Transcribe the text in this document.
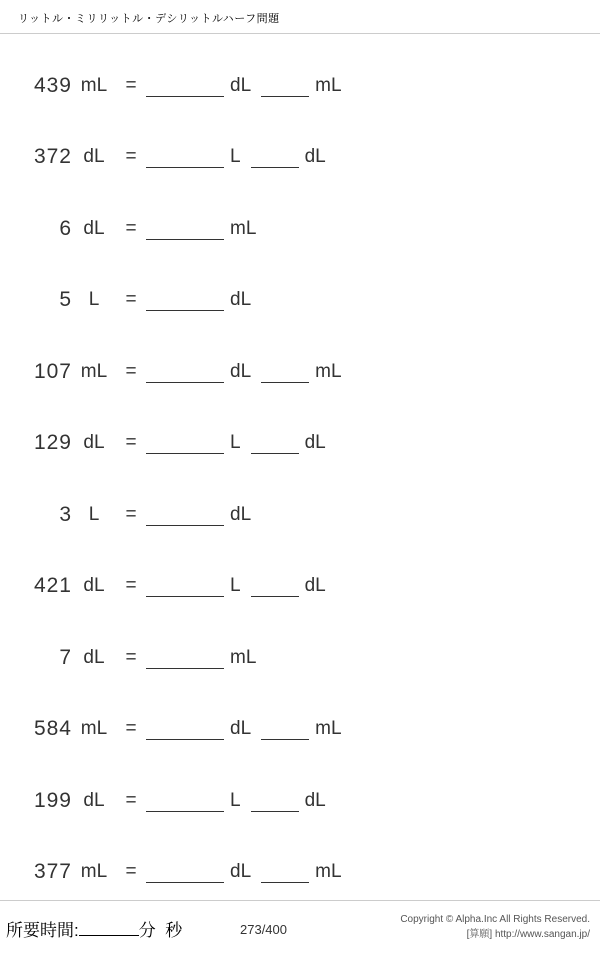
リットル・ミリリットル・デシリットルハーフ問題
439 mL =	dL	mL
372 dL	=	L	dL
6 dL	=	mL
5 L	=	dL
107 mL =	dL	mL
129 dL	=	L	dL
3 L	=	dL
421 dL	=	L	dL
7 dL	=	mL
584 mL =	dL	mL
199 dL	=	L	dL
377 mL =	dL	mL
所要時間:	分 秒	273/400
Copyright © Alpha.Inc All Rights Reserved.
[算願] http://www.sangan.jp/
